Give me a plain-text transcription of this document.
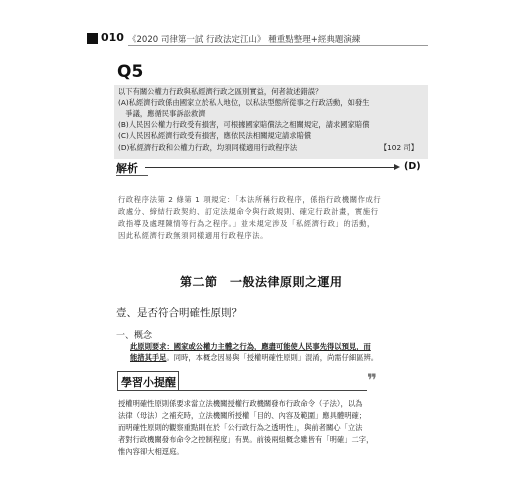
010 《2020 司律第一試 行政法定江山》 種重點整理+經典題演練
Q5
以下有關公權力行政與私經濟行政之區別實益，何者敘述錯誤？
(A)私經濟行政係由國家立於私人地位，以私法型態所從事之行政活動，如發生
　爭議，應循民事訴訟救濟
(B)人民因公權力行政受有損害，可根據國家賠償法之相關規定，請求國家賠償
(C)人民因私經濟行政受有損害，應依民法相關規定請求賠償
(D)私經濟行政和公權力行政，均須同樣適用行政程序法	【102 司】
解析	(D)
行政程序法第 2 條第 1 項規定：「本法所稱行政程序，係指行政機關作成行
政處分、締結行政契約、訂定法規命令與行政規則、確定行政計畫，實施行
政指導及處理陳情等行為之程序。」並未規定涉及「私經濟行政」的活動，
因此私經濟行政無須同樣適用行政程序法。
第二節　一般法律原則之運用
壹、是否符合明確性原則？
一、概念
此原則要求：國家或公權力主體之行為，應盡可能使人民事先得以預見，而
能措其手足。同時，本概念因易與「授權明確性原則」混淆，尚需仔細區辨。
學習小提醒	❞
授權明確性原則係要求當立法機關授權行政機關發布行政命令（子法），以為
法律（母法）之補充時，立法機關所授權「目的、內容及範圍」應具體明確；
而明確性原則的觀察重點則在於「公行政行為之透明性」，與前者關心「立法
者對行政機關發布命令之控制程度」有異。前後兩組概念雖皆有「明確」二字，
惟內容卻大相逕庭。
